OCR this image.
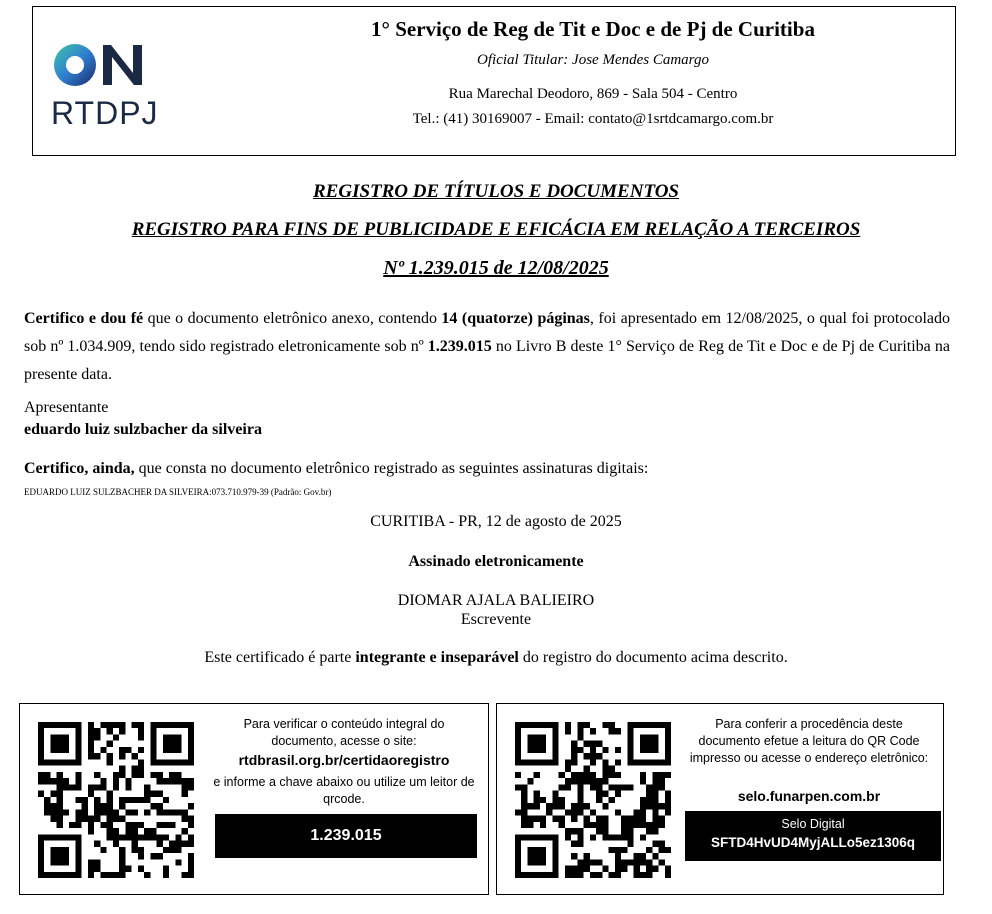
RTDPJ
1° Serviço de Reg de Tit e Doc e de Pj de Curitiba
Oficial Titular: Jose Mendes Camargo
Rua Marechal Deodoro, 869 - Sala 504 - Centro
Tel.: (41) 30169007 - Email: contato@1srtdcamargo.com.br
REGISTRO DE TÍTULOS E DOCUMENTOS
REGISTRO PARA FINS DE PUBLICIDADE E EFICÁCIA EM RELAÇÃO A TERCEIROS
Nº 1.239.015 de 12/08/2025
Certifico e dou fé que o documento eletrônico anexo, contendo 14 (quatorze) páginas, foi apresentado em 12/08/2025, o qual foi protocolado sob nº 1.034.909, tendo sido registrado eletronicamente sob nº 1.239.015 no Livro B deste 1° Serviço de Reg de Tit e Doc e de Pj de Curitiba na presente data.
Apresentante
eduardo luiz sulzbacher da silveira
Certifico, ainda, que consta no documento eletrônico registrado as seguintes assinaturas digitais:
EDUARDO LUIZ SULZBACHER DA SILVEIRA:073.710.979-39 (Padrão: Gov.br)
CURITIBA - PR, 12 de agosto de 2025
Assinado eletronicamente
DIOMAR AJALA BALIEIRO
Escrevente
Este certificado é parte integrante e inseparável do registro do documento acima descrito.
Para verificar o conteúdo integral do documento, acesse o site:
rtdbrasil.org.br/certidaoregistro
e informe a chave abaixo ou utilize um leitor de qrcode.
1.239.015
Para conferir a procedência deste documento efetue a leitura do QR Code impresso ou acesse o endereço eletrônico:
selo.funarpen.com.br
Selo Digital
SFTD4HvUD4MyjALLo5ez1306q
